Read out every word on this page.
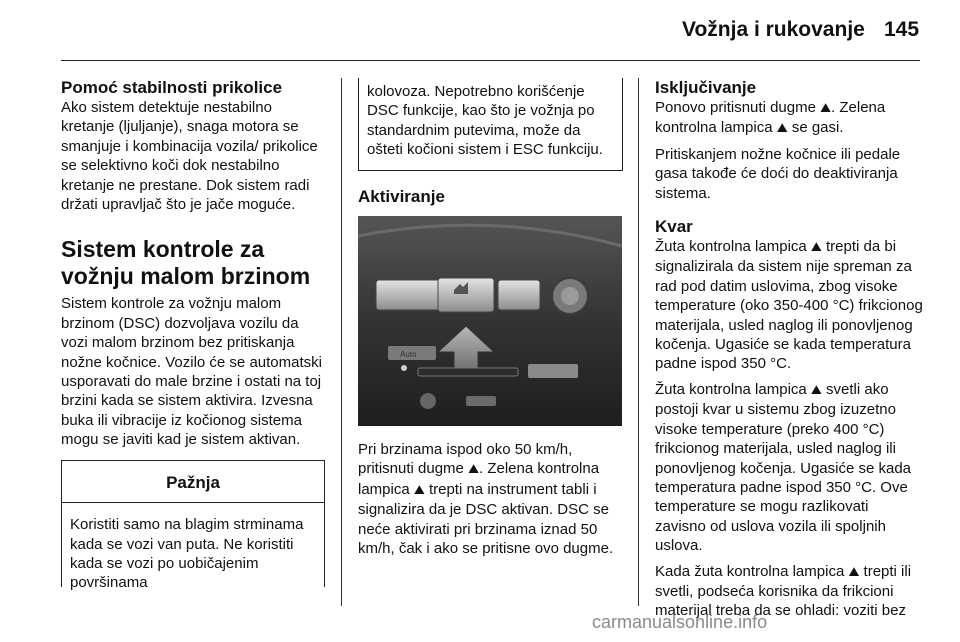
Vožnja i rukovanje 145
Pomoć stabilnosti prikolice

Ako sistem detektuje nestabilno kretanje (ljuljanje), snaga motora se smanjuje i kombinacija vozila/ prikolice se selektivno koči dok nestabilno kretanje ne prestane. Dok sistem radi držati upravljač što je jače moguće.

Sistem kontrole za vožnju malom brzinom

Sistem kontrole za vožnju malom brzinom (DSC) dozvoljava vozilu da vozi malom brzinom bez pritiskanja nožne kočnice. Vozilo će se automatski usporavati do male brzine i ostati na toj brzini kada se sistem aktivira. Izvesna buka ili vibracije iz kočionog sistema mogu se javiti kad je sistem aktivan.

Pažnja
Koristiti samo na blagim strminama kada se vozi van puta. Ne koristiti kada se vozi po uobičajenim površinama
kolovoza. Nepotrebno korišćenje DSC funkcije, kao što je vožnja po standardnim putevima, može da ošteti kočioni sistem i ESC funkciju.
Aktiviranje
Auto

Pri brzinama ispod oko 50 km/h, pritisnuti dugme ⛰. Zelena kontrolna lampica ⛰ trepti na instrument tabli i signalizira da je DSC aktivan. DSC se neće aktivirati pri brzinama iznad 50 km/h, čak i ako se pritisne ovo dugme.

Isključivanje

Ponovo pritisnuti dugme ⛰. Zelena kontrolna lampica ⛰ se gasi.

Pritiskanjem nožne kočnice ili pedale gasa takođe će doći do deaktiviranja sistema.

Kvar

Žuta kontrolna lampica ⛰ trepti da bi signalizirala da sistem nije spreman za rad pod datim uslovima, zbog visoke temperature (oko 350-400 °C) frikcionog materijala, usled naglog ili ponovljenog kočenja. Ugasiće se kada temperatura padne ispod 350 °C.

Žuta kontrolna lampica ⛰ svetli ako postoji kvar u sistemu zbog izuzetno visoke temperature (preko 400 °C) frikcionog materijala, usled naglog ili ponovljenog kočenja. Ugasiće se kada temperatura padne ispod 350 °C. Ove temperature se mogu razlikovati zavisno od uslova vozila ili spoljnih uslova.

Kada žuta kontrolna lampica ⛰ trepti ili svetli, podseća korisnika da frikcioni materijal treba da se ohladi: voziti bez

carmanualsonline.info
